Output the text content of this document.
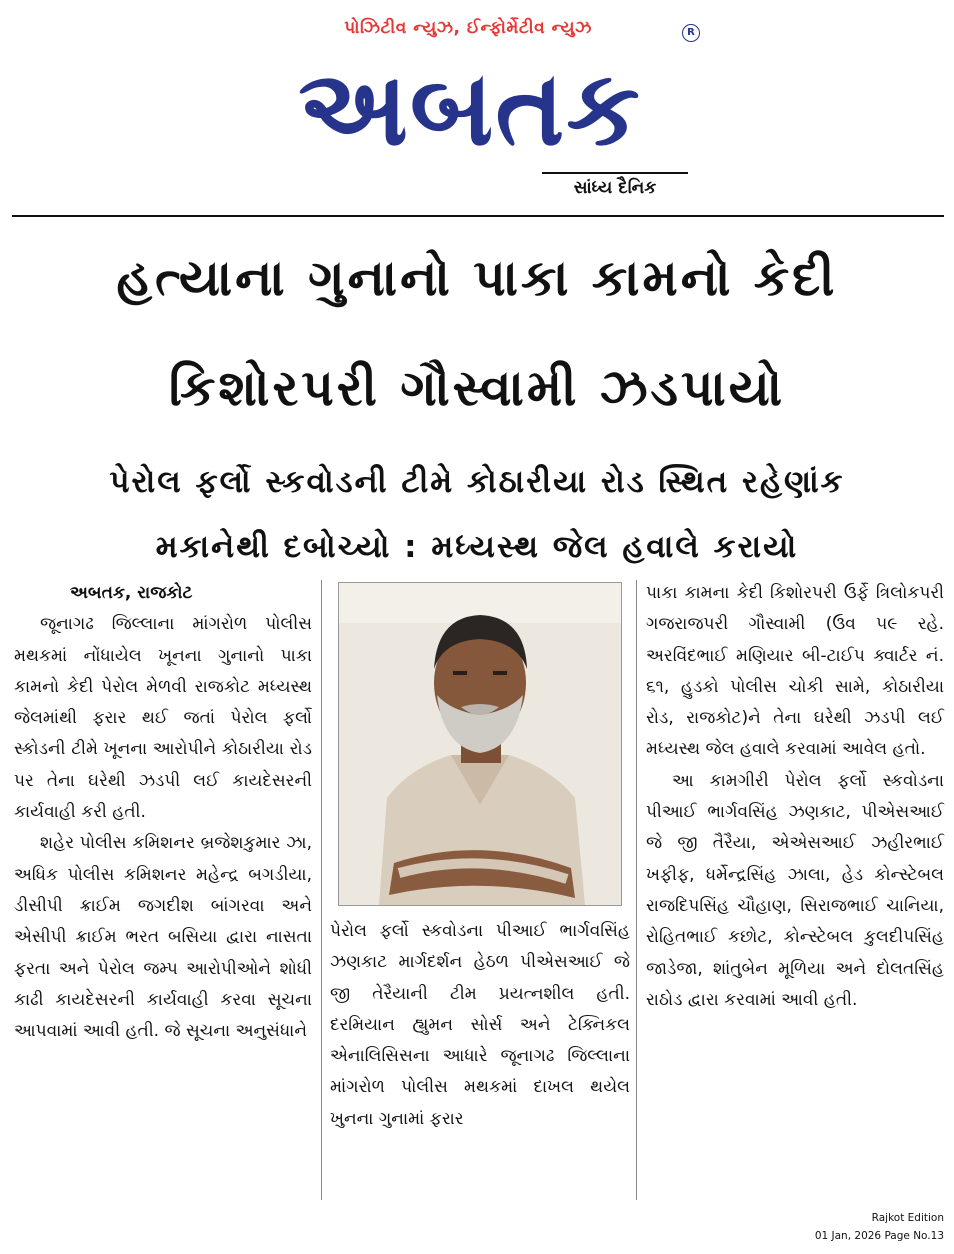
પોઝિટીવ ન્યુઝ, ઈન્ફોર્મેટીવ ન્યુઝ
અબતક
R
સાંધ્ય દૈનિક
હત્યાના ગુનાનો પાકા કામનો કેદી
કિશોરપરી ગૌસ્વામી ઝડપાયો
પેરોલ ફર્લો સ્કવોડની ટીમે કોઠારીયા રોડ સ્થિત રહેણાંક
મકાનેથી દબોચ્યો : મધ્યસ્થ જેલ હવાલે કરાયો

અબતક, રાજકોટ

જૂનાગઢ જિલ્લાના માંગરોળ પોલીસ મથકમાં નોંધાયેલ ખૂનના ગુનાનો પાકા કામનો કેદી પેરોલ મેળવી રાજકોટ મધ્યસ્થ જેલમાંથી ફરાર થઈ જતાં પેરોલ ફર્લો સ્કોડની ટીમે ખૂનના આરોપીને કોઠારીયા રોડ પર તેના ઘરેથી ઝડપી લઈ કાયદેસરની કાર્યવાહી કરી હતી.

શહેર પોલીસ કમિશનર બ્રજેશકુમાર ઝા, અધિક પોલીસ કમિશનર મહેન્દ્ર બગડીયા, ડીસીપી ક્રાઈમ જગદીશ બાંગરવા અને એસીપી ક્રાઈમ ભરત બસિયા દ્વારા નાસતા ફરતા અને પેરોલ જમ્પ આરોપીઓને શોધી કાઢી કાયદેસરની કાર્યવાહી કરવા સૂચના આપવામાં આવી હતી. જે સૂચના અનુસંધાને

પેરોલ ફર્લો સ્કવોડના પીઆઈ ભાર્ગવસિંહ ઝણકાટ માર્ગદર્શન હેઠળ પીએસઆઈ જે જી તેરૈયાની ટીમ પ્રયત્નશીલ હતી. દરમિયાન હ્યુમન સોર્સ અને ટેક્નિકલ એનાલિસિસના આધારે જૂનાગઢ જિલ્લાના માંગરોળ પોલીસ મથકમાં દાખલ થયેલ ખુનના ગુનામાં ફરાર

પાકા કામના કેદી કિશોરપરી ઉર્ફે ત્રિલોકપરી ગજરાજપરી ગૌસ્વામી (ઉવ ૫૯ રહે. અરવિંદભાઈ મણિયાર બી-ટાઈપ ક્વાર્ટર નં. ૬૧, હુડકો પોલીસ ચોકી સામે, કોઠારીયા રોડ, રાજકોટ)ને તેના ઘરેથી ઝડપી લઈ મધ્યસ્થ જેલ હવાલે કરવામાં આવેલ હતો.

આ કામગીરી પેરોલ ફર્લો સ્કવોડના પીઆઈ ભાર્ગવસિંહ ઝણકાટ, પીએસઆઈ જે જી તૈરૈયા, એએસઆઈ ઝહીરભાઈ ખફીફ, ધર્મેન્દ્રસિંહ ઝાલા, હેડ કોન્સ્ટેબલ રાજદિપસિંહ ચૌહાણ, સિરાજભાઈ ચાનિયા, રોહિતભાઈ કછોટ, કોન્સ્ટેબલ કુલદીપસિંહ જાડેજા, શાંતુબેન મૂળિયા અને દોલતસિંહ રાઠોડ દ્વારા કરવામાં આવી હતી.

Rajkot Edition
01 Jan, 2026 Page No.13
